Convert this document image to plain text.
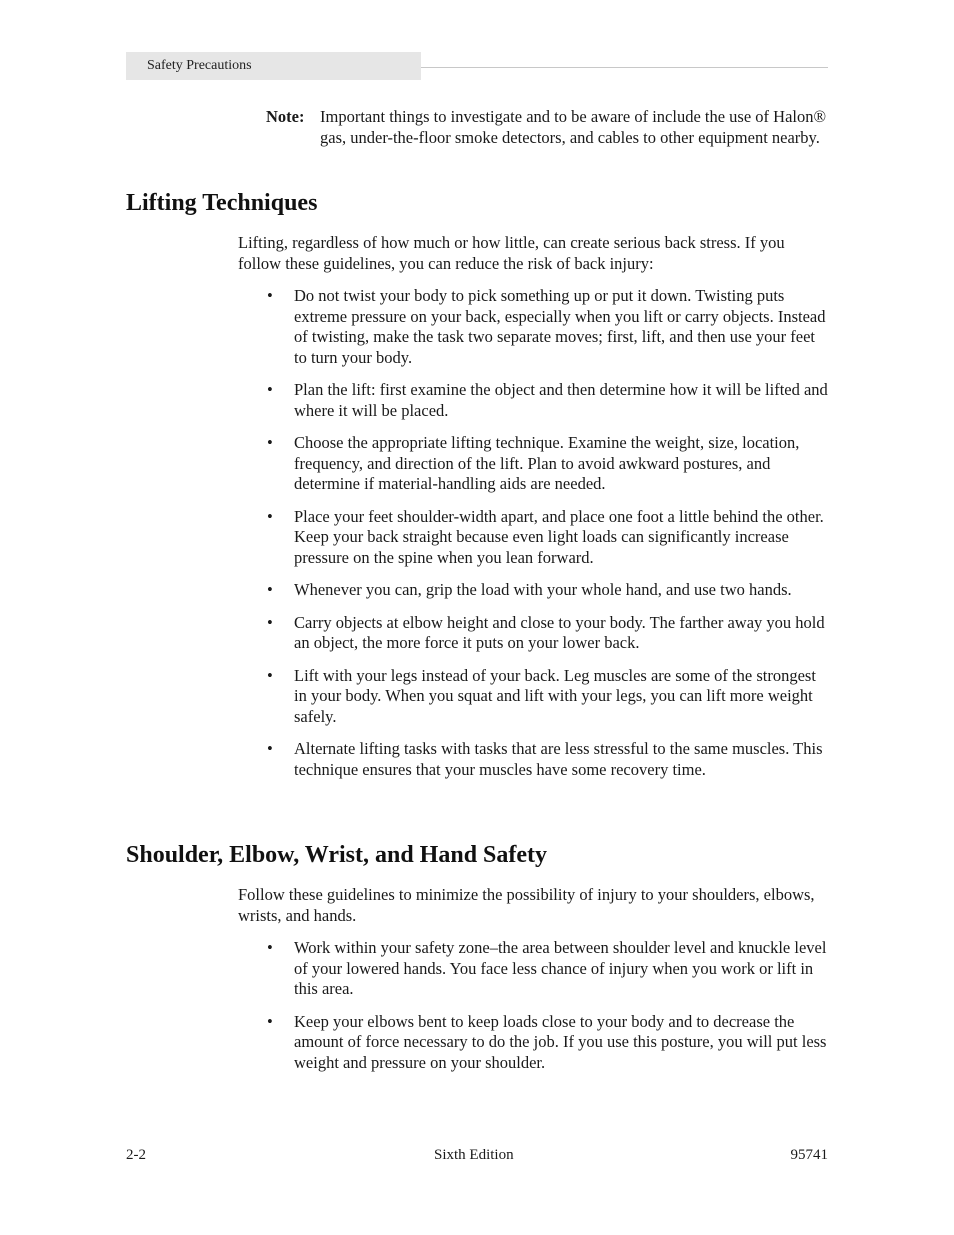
Safety Precautions
Note: Important things to investigate and to be aware of include the use of Halon® gas, under-the-floor smoke detectors, and cables to other equipment nearby.
Lifting Techniques

Lifting, regardless of how much or how little, can create serious back stress. If you follow these guidelines, you can reduce the risk of back injury:

• Do not twist your body to pick something up or put it down. Twisting puts extreme pressure on your back, especially when you lift or carry objects. Instead of twisting, make the task two separate moves; first, lift, and then use your feet to turn your body.
• Plan the lift: first examine the object and then determine how it will be lifted and where it will be placed.
• Choose the appropriate lifting technique. Examine the weight, size, location, frequency, and direction of the lift. Plan to avoid awkward postures, and determine if material-handling aids are needed.
• Place your feet shoulder-width apart, and place one foot a little behind the other. Keep your back straight because even light loads can significantly increase pressure on the spine when you lean forward.
• Whenever you can, grip the load with your whole hand, and use two hands.
• Carry objects at elbow height and close to your body. The farther away you hold an object, the more force it puts on your lower back.
• Lift with your legs instead of your back. Leg muscles are some of the strongest in your body. When you squat and lift with your legs, you can lift more weight safely.
• Alternate lifting tasks with tasks that are less stressful to the same muscles. This technique ensures that your muscles have some recovery time.
Shoulder, Elbow, Wrist, and Hand Safety

Follow these guidelines to minimize the possibility of injury to your shoulders, elbows, wrists, and hands.

• Work within your safety zone–the area between shoulder level and knuckle level of your lowered hands. You face less chance of injury when you work or lift in this area.
• Keep your elbows bent to keep loads close to your body and to decrease the amount of force necessary to do the job. If you use this posture, you will put less weight and pressure on your shoulder.
2-2	Sixth Edition	95741
